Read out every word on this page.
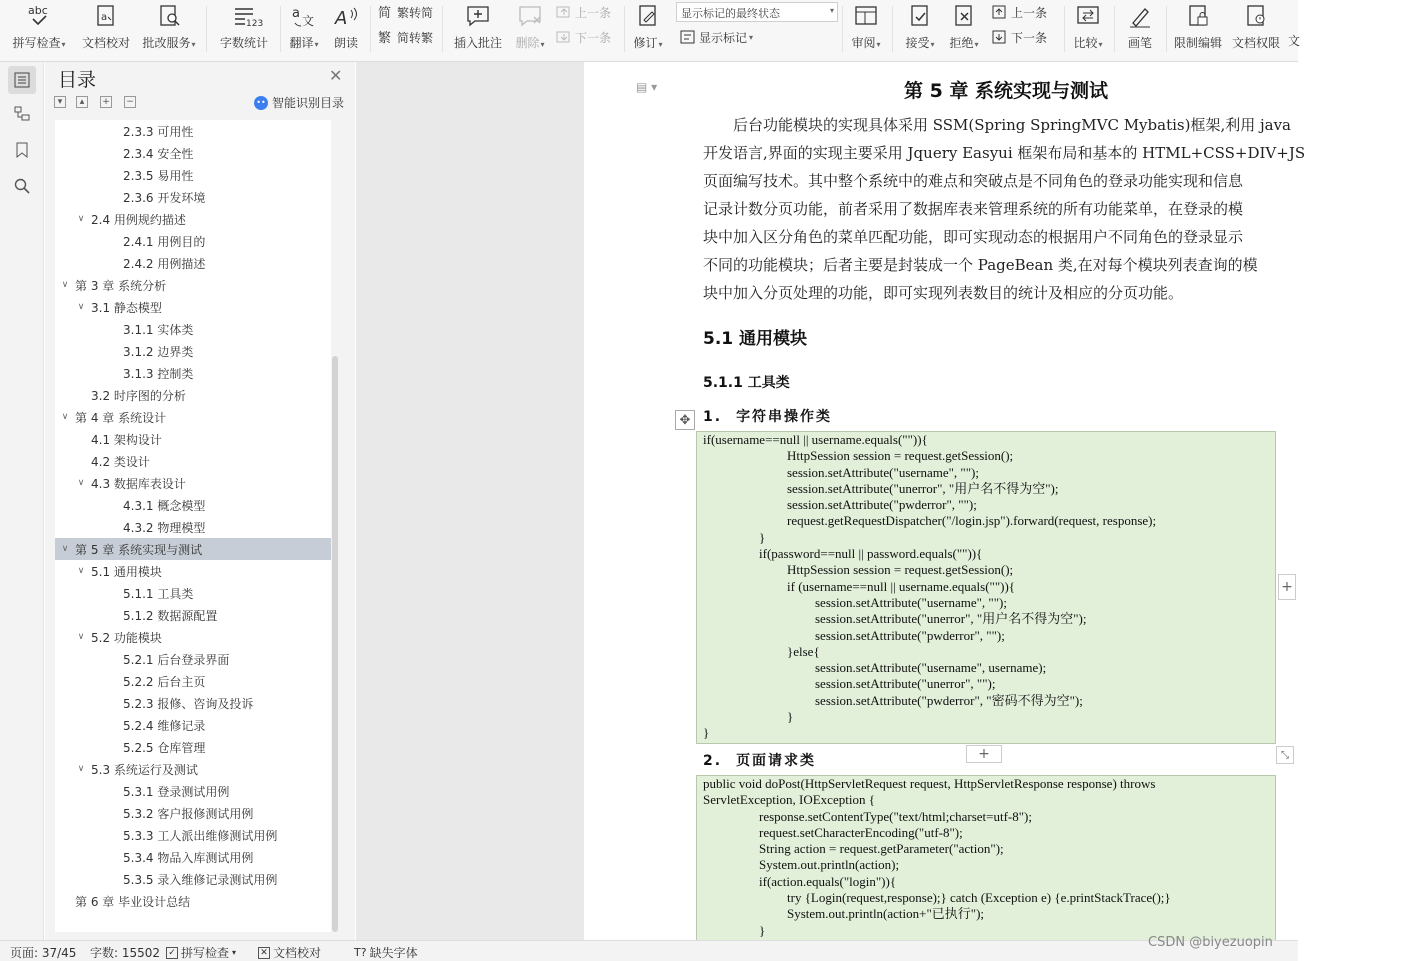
abc
拼写检查▾
a
文档校对 批改服务▾
123
字数统计
a 文
翻译▾
A
朗读
简 繁转简
繁 简转繁 插入批注 删除▾
上一条
下一条 修订▾
显示标记的最终状态	▾
显示标记 ▾	审阅▾ 接受▾ 拒绝▾
上一条
下一条 比较▾ 画笔 限制编辑 文档权限 文
目录	✕
▾	▴	+ −	•• 智能识别目录
2.3.3 可用性
2.3.4 安全性
2.3.5 易用性
2.3.6 开发环境
∨ 2.4 用例规约描述
2.4.1 用例目的
2.4.2 用例描述
∨ 第 3 章 系统分析
∨ 3.1 静态模型
3.1.1 实体类
3.1.2 边界类
3.1.3 控制类
3.2 时序图的分析
∨ 第 4 章 系统设计
4.1 架构设计
4.2 类设计
∨ 4.3 数据库表设计
4.3.1 概念模型
4.3.2 物理模型
∨ 第 5 章 系统实现与测试
∨ 5.1 通用模块
5.1.1 工具类
5.1.2 数据源配置
∨ 5.2 功能模块
5.2.1 后台登录界面
5.2.2 后台主页
5.2.3 报修、咨询及投诉
5.2.4 维修记录
5.2.5 仓库管理
∨ 5.3 系统运行及测试
5.3.1 登录测试用例
5.3.2 客户报修测试用例
5.3.3 工人派出维修测试用例
5.3.4 物品入库测试用例
5.3.5 录入维修记录测试用例
第 6 章 毕业设计总结
▤ ▾	第 5 章 系统实现与测试
后台功能模块的实现具体采用 SSM(Spring SpringMVC Mybatis)框架,利用 java
开发语言,界面的实现主要采用 Jquery Easyui 框架布局和基本的 HTML+CSS+DIV+JS
页面编写技术。其中整个系统中的难点和突破点是不同角色的登录功能实现和信息
记录计数分页功能，前者采用了数据库表来管理系统的所有功能菜单，在登录的模
块中加入区分角色的菜单匹配功能，即可实现动态的根据用户不同角色的登录显示
不同的功能模块；后者主要是封装成一个 PageBean 类,在对每个模块列表查询的模
块中加入分页处理的功能，即可实现列表数目的统计及相应的分页功能。
5.1 通用模块
5.1.1 工具类
✥ 1. 字符串操作类
if(username==null || username.equals("")){
HttpSession session = request.getSession();
session.setAttribute("username", "");
session.setAttribute("unerror", "用户名不得为空");
session.setAttribute("pwderror", "");
request.getRequestDispatcher("/login.jsp").forward(request, response);
}
if(password==null || password.equals("")){
HttpSession session = request.getSession();
if (username==null || username.equals("")){
session.setAttribute("username", "");
session.setAttribute("unerror", "用户名不得为空");
session.setAttribute("pwderror", "");
}else{
session.setAttribute("username", username);
session.setAttribute("unerror", "");
session.setAttribute("pwderror", "密码不得为空");
}
}
+
+	⤡
2. 页面请求类
public void doPost(HttpServletRequest request, HttpServletResponse response) throws
ServletException, IOException {
response.setContentType("text/html;charset=utf-8");
request.setCharacterEncoding("utf-8");
String action = request.getParameter("action");
System.out.println(action);
if(action.equals("login")){
try {Login(request,response);} catch (Exception e) {e.printStackTrace();}
System.out.println(action+"已执行");
}
页面: 37/45 字数: 15502 ✓ 拼写检查 ▾	✕ 文档校对	T? 缺失字体
CSDN @biyezuopin
